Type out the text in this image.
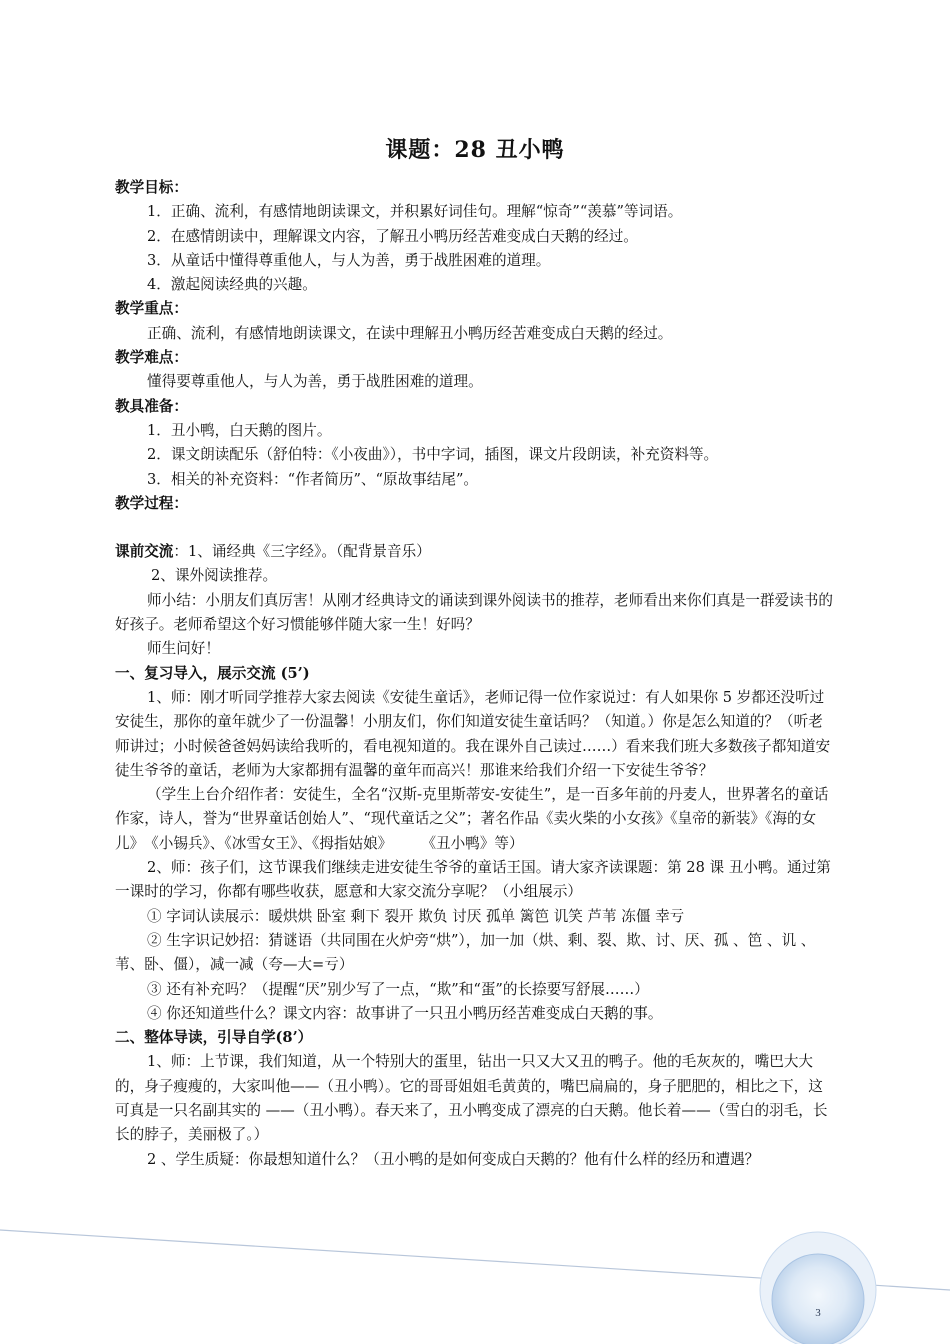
课题：28 丑小鸭

教学目标：

1．正确、流利，有感情地朗读课文，并积累好词佳句。理解“惊奇”“羡慕”等词语。

2．在感情朗读中，理解课文内容，了解丑小鸭历经苦难变成白天鹅的经过。

3．从童话中懂得尊重他人，与人为善，勇于战胜困难的道理。

4．激起阅读经典的兴趣。

教学重点：

正确、流利，有感情地朗读课文，在读中理解丑小鸭历经苦难变成白天鹅的经过。

教学难点：

懂得要尊重他人，与人为善，勇于战胜困难的道理。

教具准备：

1．丑小鸭，白天鹅的图片。

2．课文朗读配乐（舒伯特：《小夜曲》），书中字词，插图，课文片段朗读，补充资料等。

3．相关的补充资料：“作者简历”、“原故事结尾”。

教学过程：

课前交流：1、诵经典《三字经》。（配背景音乐）

2、课外阅读推荐。

师小结：小朋友们真厉害！从刚才经典诗文的诵读到课外阅读书的推荐，老师看出来你们真是一群爱读书的好孩子。老师希望这个好习惯能够伴随大家一生！好吗？

师生问好！

一、复习导入，展示交流 (5’)

1、师：刚才听同学推荐大家去阅读《安徒生童话》，老师记得一位作家说过：有人如果你 5 岁都还没听过安徒生，那你的童年就少了一份温馨！小朋友们，你们知道安徒生童话吗？（知道。）你是怎么知道的？（听老师讲过；小时候爸爸妈妈读给我听的，看电视知道的。我在课外自己读过……）看来我们班大多数孩子都知道安徒生爷爷的童话，老师为大家都拥有温馨的童年而高兴！那谁来给我们介绍一下安徒生爷爷？

（学生上台介绍作者：安徒生，全名“汉斯-克里斯蒂安-安徒生”，是一百多年前的丹麦人，世界著名的童话作家，诗人，誉为“世界童话创始人”、“现代童话之父”；著名作品《卖火柴的小女孩》《皇帝的新装》《海的女儿》　《小锡兵》、《冰雪女王》、《拇指姑娘》　　　《丑小鸭》等）

2、师：孩子们，这节课我们继续走进安徒生爷爷的童话王国。请大家齐读课题：第 28 课 丑小鸭。通过第一课时的学习，你都有哪些收获，愿意和大家交流分享呢？（小组展示）

① 字词认读展示：暖烘烘 卧室 剩下 裂开 欺负 讨厌 孤单 篱笆 讥笑 芦苇 冻僵 幸亏

② 生字识记妙招：猜谜语（共同围在火炉旁“烘”），加一加（烘、剩、裂、欺、讨、厌、孤 、笆 、讥 、苇、卧、僵），减一减（夸—大=亏）

③ 还有补充吗？（提醒“厌”别少写了一点，“欺”和“蛋”的长捺要写舒展……）

④ 你还知道些什么？课文内容：故事讲了一只丑小鸭历经苦难变成白天鹅的事。

二、整体导读，引导自学(8’）

1、师：上节课，我们知道，从一个特别大的蛋里，钻出一只又大又丑的鸭子。他的毛灰灰的，嘴巴大大的，身子瘦瘦的，大家叫他——（丑小鸭）。它的哥哥姐姐毛黄黄的，嘴巴扁扁的，身子肥肥的，相比之下，这可真是一只名副其实的 ——（丑小鸭）。春天来了，丑小鸭变成了漂亮的白天鹅。他长着——（雪白的羽毛，长长的脖子，美丽极了。）

2 、学生质疑：你最想知道什么？（丑小鸭的是如何变成白天鹅的？他有什么样的经历和遭遇？

3
